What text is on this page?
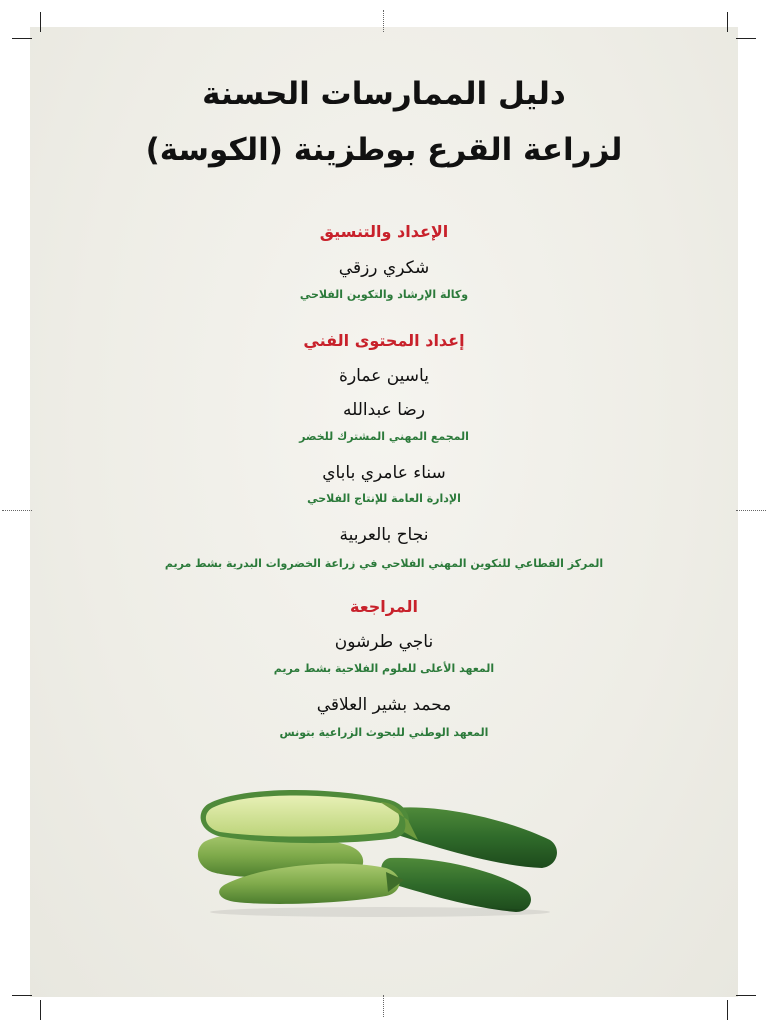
دليل الممارسات الحسنة
لزراعة القرع بوطزينة (الكوسة)
الإعداد والتنسيق
شكري رزقي
وكالة الإرشاد والتكوين الفلاحي
إعداد المحتوى الفني
ياسين عمارة
رضا عبدالله
المجمع المهني المشترك للخضر
سناء عامري باباي
الإدارة العامة للإنتاج الفلاحي
نجاح بالعربية
المركز القطاعي للتكوين المهني الفلاحي في زراعة الخضروات البدرية بشط مريم
المراجعة
ناجي طرشون
المعهد الأعلى للعلوم الفلاحية بشط مريم
محمد بشير العلاقي
المعهد الوطني للبحوث الزراعية بتونس
